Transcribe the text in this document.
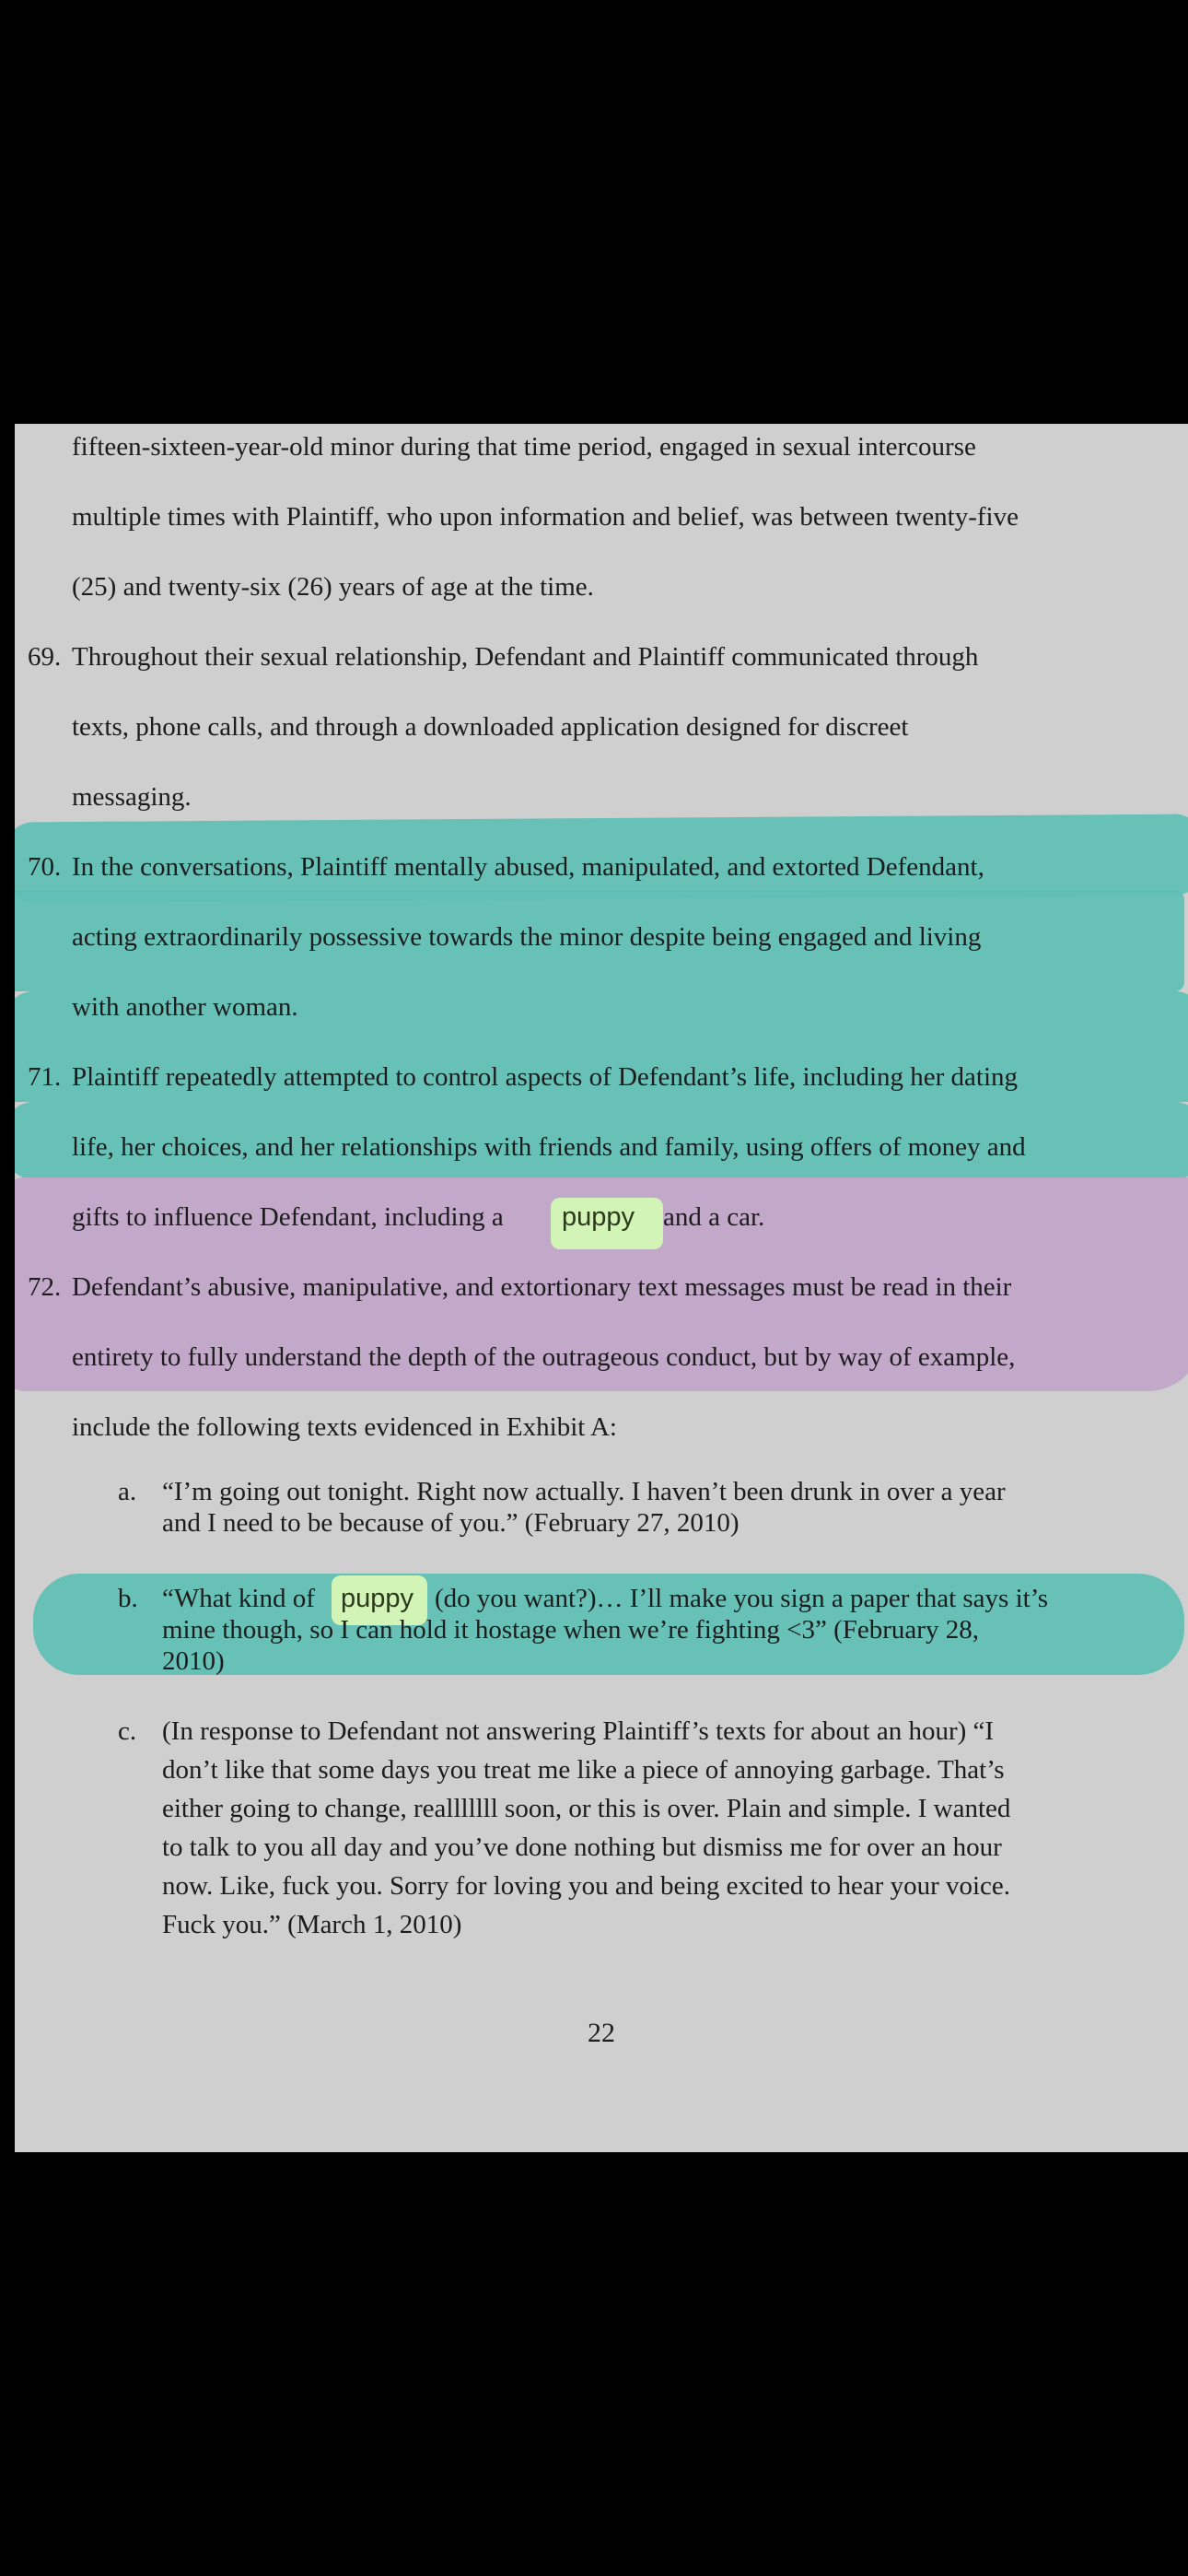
fifteen-sixteen-year-old minor during that time period, engaged in sexual intercourse
multiple times with Plaintiff, who upon information and belief, was between twenty-five
(25) and twenty-six (26) years of age at the time.
69. Throughout their sexual relationship, Defendant and Plaintiff communicated through
texts, phone calls, and through a downloaded application designed for discreet
messaging.
70. In the conversations, Plaintiff mentally abused, manipulated, and extorted Defendant,
acting extraordinarily possessive towards the minor despite being engaged and living
with another woman.
71. Plaintiff repeatedly attempted to control aspects of Defendant’s life, including her dating
life, her choices, and her relationships with friends and family, using offers of money and
gifts to influence Defendant, including a puppy and a car.
72. Defendant’s abusive, manipulative, and extortionary text messages must be read in their
entirety to fully understand the depth of the outrageous conduct, but by way of example,
include the following texts evidenced in Exhibit A:
a. “I’m going out tonight. Right now actually. I haven’t been drunk in over a year
and I need to be because of you.” (February 27, 2010)
b. “What kind of puppy (do you want?)… I’ll make you sign a paper that says it’s
mine though, so I can hold it hostage when we’re fighting <3” (February 28,
2010)
c. (In response to Defendant not answering Plaintiff’s texts for about an hour) “I
don’t like that some days you treat me like a piece of annoying garbage. That’s
either going to change, realllllll soon, or this is over. Plain and simple. I wanted
to talk to you all day and you’ve done nothing but dismiss me for over an hour
now. Like, fuck you. Sorry for loving you and being excited to hear your voice.
Fuck you.” (March 1, 2010)
22
